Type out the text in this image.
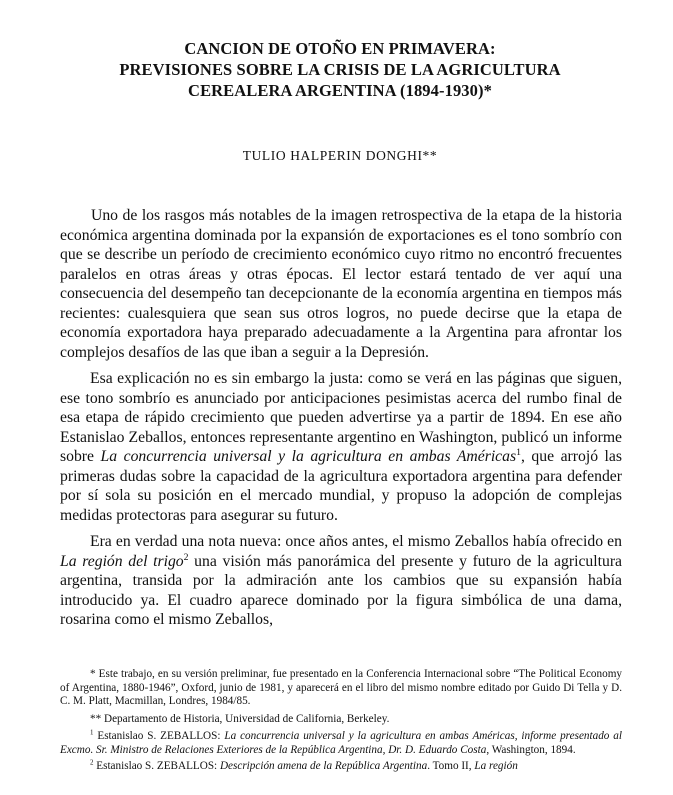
CANCION DE OTOÑO EN PRIMAVERA:
PREVISIONES SOBRE LA CRISIS DE LA AGRICULTURA
CEREALERA ARGENTINA (1894-1930)*
TULIO HALPERIN DONGHI**

Uno de los rasgos más notables de la imagen retrospectiva de la etapa de la historia económica argentina dominada por la expansión de exportaciones es el tono sombrío con que se describe un período de crecimiento económico cuyo ritmo no encontró frecuentes paralelos en otras áreas y otras épocas. El lector estará tentado de ver aquí una consecuencia del desempeño tan decepcionante de la economía argentina en tiempos más recientes: cualesquiera que sean sus otros logros, no puede decirse que la etapa de economía exportadora haya preparado adecuadamente a la Argentina para afrontar los complejos desafíos de las que iban a seguir a la Depresión.

Esa explicación no es sin embargo la justa: como se verá en las páginas que siguen, ese tono sombrío es anunciado por anticipaciones pesimistas acerca del rumbo final de esa etapa de rápido crecimiento que pueden advertirse ya a partir de 1894. En ese año Estanislao Zeballos, entonces representante argentino en Washington, publicó un informe sobre La concurrencia universal y la agricultura en ambas Américas$^1$, que arrojó las primeras dudas sobre la capacidad de la agricultura exportadora argentina para defender por sí sola su posición en el mercado mundial, y propuso la adopción de complejas medidas protectoras para asegurar su futuro.

Era en verdad una nota nueva: once años antes, el mismo Zeballos había ofrecido en La región del trigo$^2$ una visión más panorámica del presente y futuro de la agricultura argentina, transida por la admiración ante los cambios que su expansión había introducido ya. El cuadro aparece dominado por la figura simbólica de una dama, rosarina como el mismo Zeballos,

* Este trabajo, en su versión preliminar, fue presentado en la Conferencia Internacional sobre “The Political Economy of Argentina, 1880-1946”, Oxford, junio de 1981, y aparecerá en el libro del mismo nombre editado por Guido Di Tella y D. C. M. Platt, Macmillan, Londres, 1984/85.

** Departamento de Historia, Universidad de California, Berkeley.

$^1$ Estanislao S. ZEBALLOS: La concurrencia universal y la agricultura en ambas Américas, informe presentado al Excmo. Sr. Ministro de Relaciones Exteriores de la República Argentina, Dr. D. Eduardo Costa, Washington, 1894.

$^2$ Estanislao S. ZEBALLOS: Descripción amena de la República Argentina. Tomo II, La región
